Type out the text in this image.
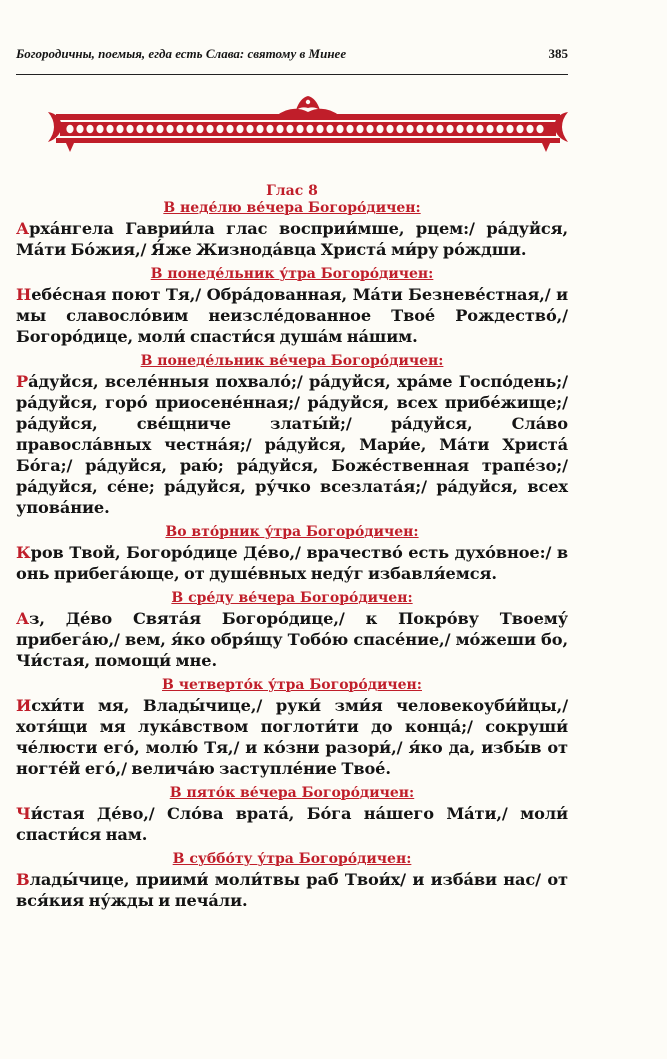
Богородичны, поемыя, егда есть Слава: святому в Минее	385

Глас 8

В неде́лю ве́чера Богоро́дичен:

Арха́нгела Гаврии́ла глас восприи́мше, рцем:/ ра́дуйся, Ма́ти Бо́жия,/ Я́же Жизнода́вца Христа́ ми́ру ро́ждши.

В понеде́льник у́тра Богоро́дичен:

Небе́сная поют Тя,/ Обра́дованная, Ма́ти Безневе́стная,/ и мы славосло́вим неизсле́дованное Твое́ Рождество́,/ Богоро́дице, моли́ спасти́ся душа́м на́шим.

В понеде́льник ве́чера Богоро́дичен:

Ра́дуйся, вселе́нныя похвало́;/ ра́дуйся, хра́ме Госпо́день;/ ра́дуйся, горо́ приосене́нная;/ ра́дуйся, всех прибе́жище;/ ра́дуйся, све́щниче златы́й;/ ра́дуйся, Сла́во правосла́вных честна́я;/ ра́дуйся, Мари́е, Ма́ти Христа́ Бо́га;/ ра́дуйся, раю́; ра́дуйся, Боже́ственная трапе́зо;/ ра́дуйся, се́не; ра́дуйся, ру́чко всезлата́я;/ ра́дуйся, всех упова́ние.

Во вто́рник у́тра Богоро́дичен:

Кров Твой, Богоро́дице Де́во,/ врачество́ есть духо́вное:/ в онь прибега́юще, от душе́вных неду́г избавля́емся.

В сре́ду ве́чера Богоро́дичен:

Аз, Де́во Свята́я Богоро́дице,/ к Покро́ву Твоему́ прибега́ю,/ вем, я́ко обря́щу Тобо́ю спасе́ние,/ мо́жеши бо, Чи́стая, помощи́ мне.

В четверто́к у́тра Богоро́дичен:

Исхи́ти мя, Влады́чице,/ руки́ зми́я человекоуби́йцы,/ хотя́щи мя лука́вством поглоти́ти до конца́;/ сокруши́ че́люсти его́, молю́ Тя,/ и ко́зни разори́,/ я́ко да, избы́в от ногте́й его́,/ велича́ю заступле́ние Твое́.

В пято́к ве́чера Богоро́дичен:

Чи́стая Де́во,/ Сло́ва врата́, Бо́га на́шего Ма́ти,/ моли́ спасти́ся нам.

В суббо́ту у́тра Богоро́дичен:

Влады́чице, приими́ моли́твы раб Твои́х/ и изба́ви нас/ от вся́кия ну́жды и печа́ли.
